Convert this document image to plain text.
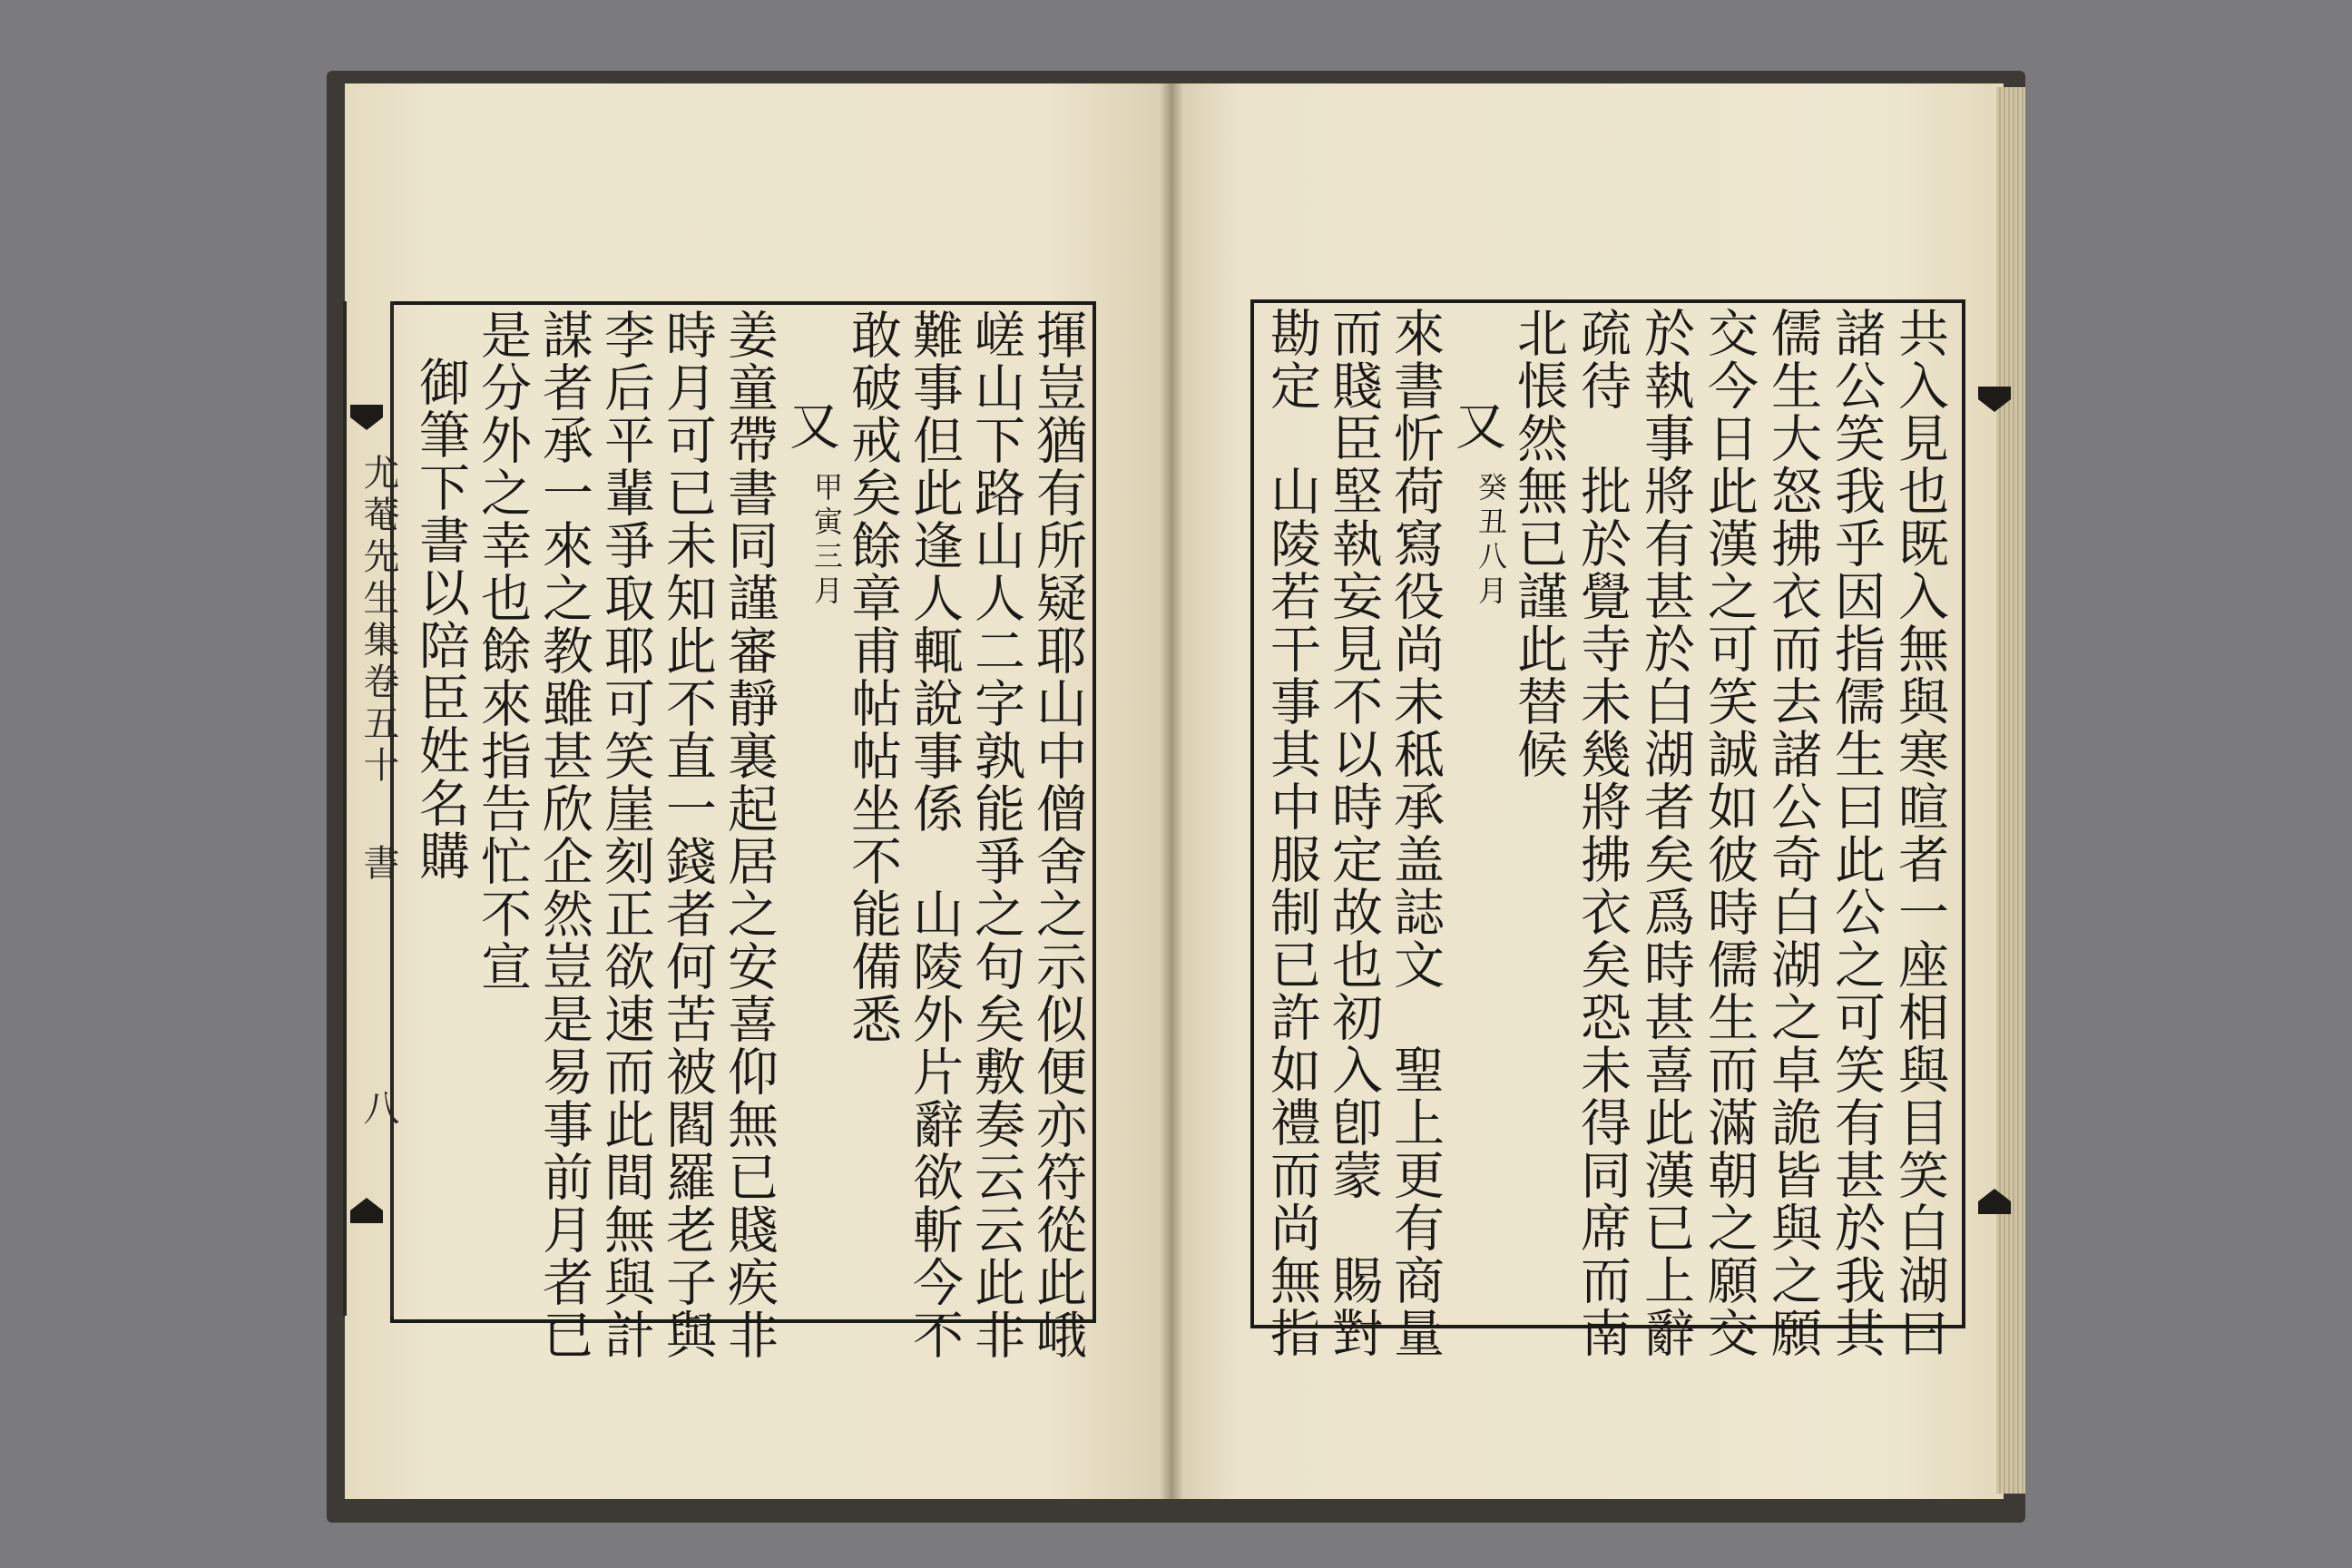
揮豈猶有所疑耶山中僧舍之示似便亦符從此峨
嵯山下路山人二字孰能爭之句矣敷奏云云此非
難事但此逢人輒說事係　山陵外片辭欲斬今不
敢破戒矣餘章甫帖帖坐不能備悉
又
甲寅三月
姜童帶書同謹審靜裏起居之安喜仰無已賤疾非
時月可已未知此不直一錢者何苦被閻羅老子與
李后平輩爭取耶可笑崖刻正欲速而此間無與計
謀者承一來之教雖甚欣企然豈是易事前月者已
是分外之幸也餘來指告忙不宣
御筆下書以陪臣姓名購
尤菴先生集卷五十
書
八	共入見也既入無與寒暄者一座相與目笑白湖曰
諸公笑我乎因指儒生曰此公之可笑有甚於我其
儒生大怒拂衣而去諸公奇白湖之卓詭皆與之願
交今日此漢之可笑誠如彼時儒生而滿朝之願交
於執事將有甚於白湖者矣爲時甚喜此漢已上辭
疏待　批於覺寺未幾將拂衣矣恐未得同席而南
北悵然無已謹此替候
又
癸丑八月
來書忻荷寫役尚未秪承盖誌文　聖上更有商量
而賤臣堅執妄見不以時定故也初入卽蒙　賜對
勘定　山陵若干事其中服制已許如禮而尚無指
